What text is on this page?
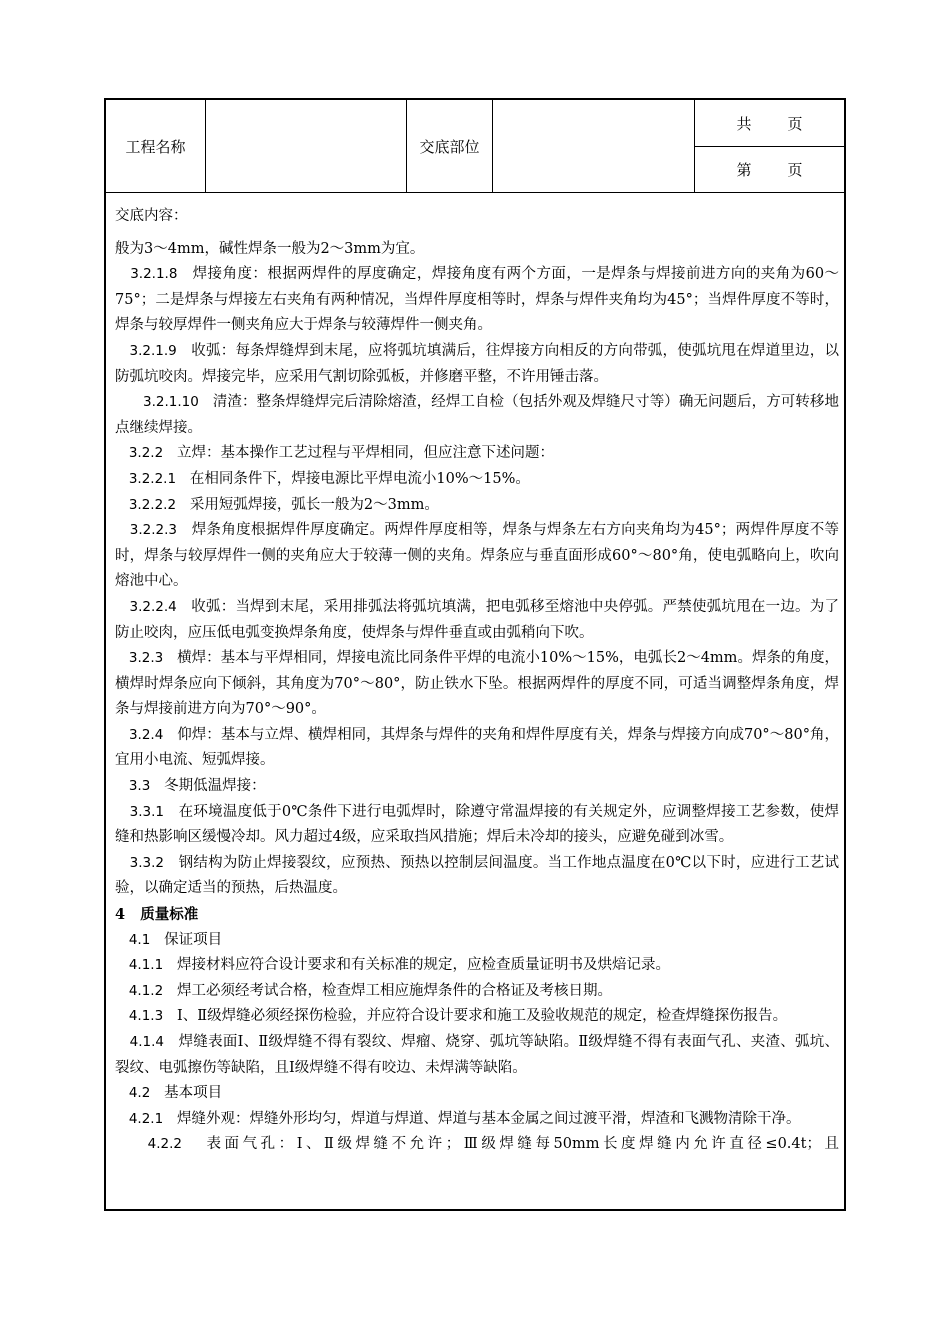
工程名称	交底部位
共 页
第 页

交底内容：

般为3～4mm，碱性焊条一般为2～3mm为宜。

3.2.1.8 焊接角度：根据两焊件的厚度确定，焊接角度有两个方面，一是焊条与焊接前进方向的夹角为60～75°；二是焊条与焊接左右夹角有两种情况，当焊件厚度相等时，焊条与焊件夹角均为45°；当焊件厚度不等时，焊条与较厚焊件一侧夹角应大于焊条与较薄焊件一侧夹角。

3.2.1.9 收弧：每条焊缝焊到末尾，应将弧坑填满后，往焊接方向相反的方向带弧，使弧坑甩在焊道里边，以防弧坑咬肉。焊接完毕，应采用气割切除弧板，并修磨平整，不许用锤击落。

3.2.1.10 清渣：整条焊缝焊完后清除熔渣，经焊工自检（包括外观及焊缝尺寸等）确无问题后，方可转移地点继续焊接。

3.2.2 立焊：基本操作工艺过程与平焊相同，但应注意下述问题：

3.2.2.1 在相同条件下，焊接电源比平焊电流小10%～15%。

3.2.2.2 采用短弧焊接，弧长一般为2～3mm。

3.2.2.3 焊条角度根据焊件厚度确定。两焊件厚度相等，焊条与焊条左右方向夹角均为45°；两焊件厚度不等时，焊条与较厚焊件一侧的夹角应大于较薄一侧的夹角。焊条应与垂直面形成60°～80°角，使电弧略向上，吹向熔池中心。

3.2.2.4 收弧：当焊到末尾，采用排弧法将弧坑填满，把电弧移至熔池中央停弧。严禁使弧坑甩在一边。为了防止咬肉，应压低电弧变换焊条角度，使焊条与焊件垂直或由弧稍向下吹。

3.2.3 横焊：基本与平焊相同，焊接电流比同条件平焊的电流小10%～15%，电弧长2～4mm。焊条的角度，横焊时焊条应向下倾斜，其角度为70°～80°，防止铁水下坠。根据两焊件的厚度不同，可适当调整焊条角度，焊条与焊接前进方向为70°～90°。

3.2.4 仰焊：基本与立焊、横焊相同，其焊条与焊件的夹角和焊件厚度有关，焊条与焊接方向成70°～80°角，宜用小电流、短弧焊接。

3.3 冬期低温焊接：

3.3.1 在环境温度低于0℃条件下进行电弧焊时，除遵守常温焊接的有关规定外，应调整焊接工艺参数，使焊缝和热影响区缓慢冷却。风力超过4级，应采取挡风措施；焊后未冷却的接头，应避免碰到冰雪。

3.3.2 钢结构为防止焊接裂纹，应预热、预热以控制层间温度。当工作地点温度在0℃以下时，应进行工艺试验，以确定适当的预热，后热温度。

4 质量标准

4.1 保证项目

4.1.1 焊接材料应符合设计要求和有关标准的规定，应检查质量证明书及烘焙记录。

4.1.2 焊工必须经考试合格，检查焊工相应施焊条件的合格证及考核日期。

4.1.3 Ⅰ、Ⅱ级焊缝必须经探伤检验，并应符合设计要求和施工及验收规范的规定，检查焊缝探伤报告。

4.1.4 焊缝表面Ⅰ、Ⅱ级焊缝不得有裂纹、焊瘤、烧穿、弧坑等缺陷。Ⅱ级焊缝不得有表面气孔、夹渣、弧坑、裂纹、电弧擦伤等缺陷，且Ⅰ级焊缝不得有咬边、未焊满等缺陷。

4.2 基本项目

4.2.1 焊缝外观：焊缝外形均匀，焊道与焊道、焊道与基本金属之间过渡平滑，焊渣和飞溅物清除干净。

4.2.2 表面气孔：Ⅰ、Ⅱ级焊缝不允许；Ⅲ级焊缝每50mm长度焊缝内允许直径≤0.4t；且
